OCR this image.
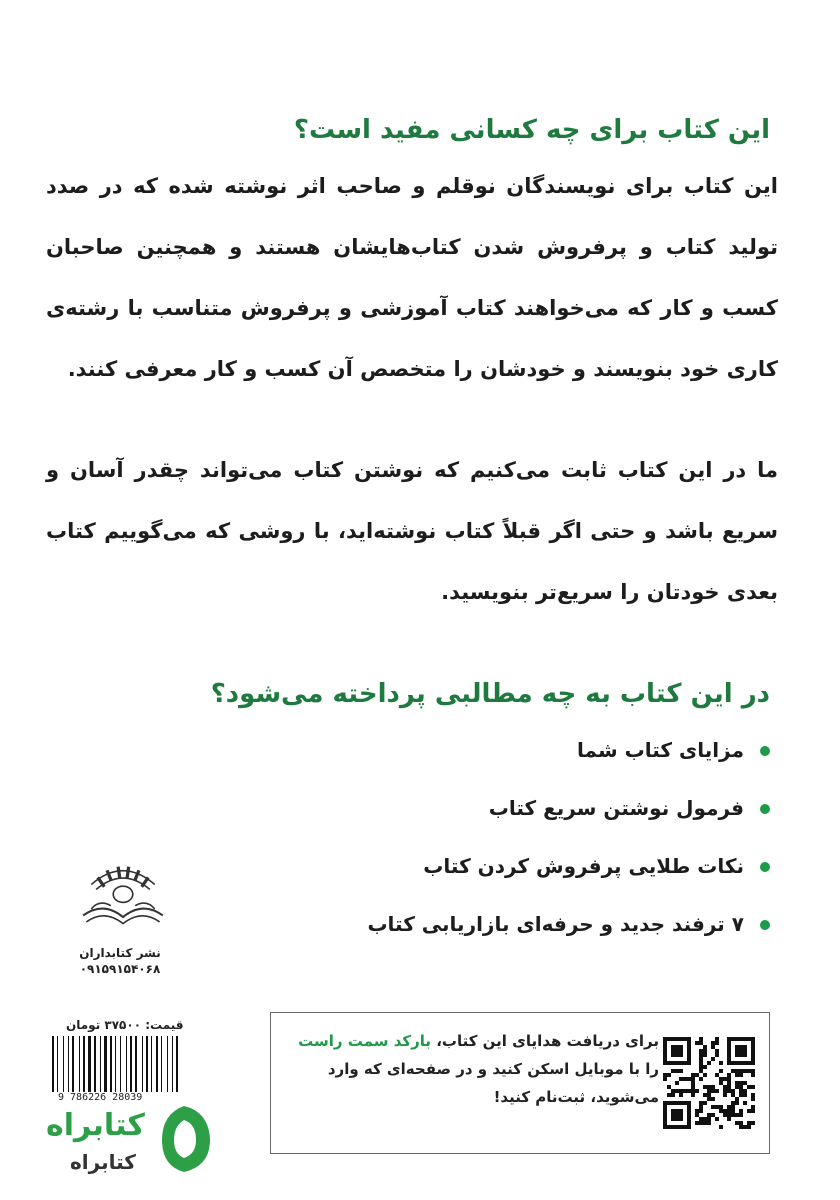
این کتاب برای چه کسانی مفید است؟
این کتاب برای نویسندگان نوقلم و صاحب اثر نوشته شده که در صدد تولید کتاب و پرفروش شدن کتاب‌هایشان هستند و همچنین صاحبان کسب و کار که می‌خواهند کتاب آموزشی و پرفروش متناسب با رشته‌ی کاری خود بنویسند و خودشان را متخصص آن کسب و کار معرفی کنند.
ما در این کتاب ثابت می‌کنیم که نوشتن کتاب می‌تواند چقدر آسان و سریع باشد و حتی اگر قبلاً کتاب نوشته‌اید، با روشی که می‌گوییم کتاب بعدی خودتان را سریع‌تر بنویسید.
در این کتاب به چه مطالبی پرداخته می‌شود؟
مزایای کتاب شما
فرمول نوشتن سریع کتاب
نکات طلایی پرفروش کردن کتاب
۷ ترفند جدید و حرفه‌ای بازاریابی کتاب
نشر کتابداران
۰۹۱۵۹۱۵۴۰۶۸
قیمت: ۳۷۵۰۰ تومان
9 786226 28039
برای دریافت هدایای این کتاب، بارکد سمت راست را با موبایل اسکن کنید و در صفحه‌ای که وارد می‌شوید، ثبت‌نام کنید!
کتابراه
کتابراه
